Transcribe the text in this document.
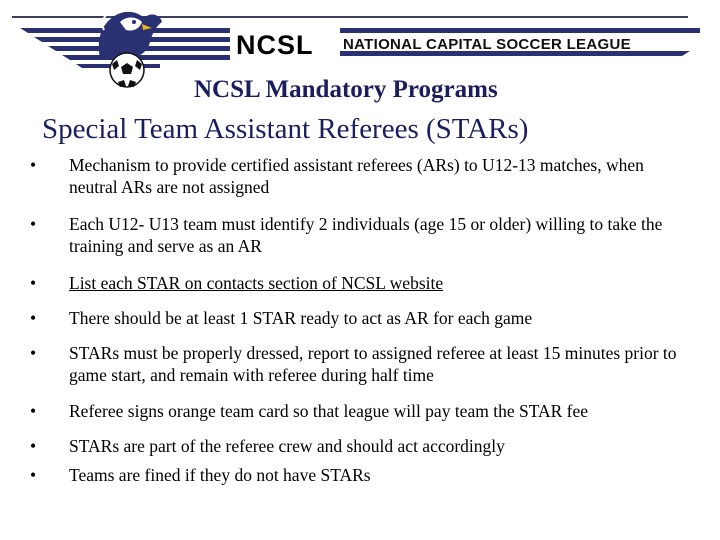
NCSL NATIONAL CAPITAL SOCCER LEAGUE
NCSL Mandatory Programs
Special Team Assistant Referees (STARs)
•	Mechanism to provide certified assistant referees (ARs) to U12-13 matches, when neutral ARs are not assigned
•	Each U12- U13 team must identify 2 individuals (age 15 or older) willing to take the training and serve as an AR
•	List each STAR on contacts section of NCSL website
•	There should be at least 1 STAR ready to act as AR for each game
•	STARs must be properly dressed, report to assigned referee at least 15 minutes prior to game start, and remain with referee during half time
•	Referee signs orange team card so that league will pay team the STAR fee
•	STARs are part of the referee crew and should act accordingly
•	Teams are fined if they do not have STARs
